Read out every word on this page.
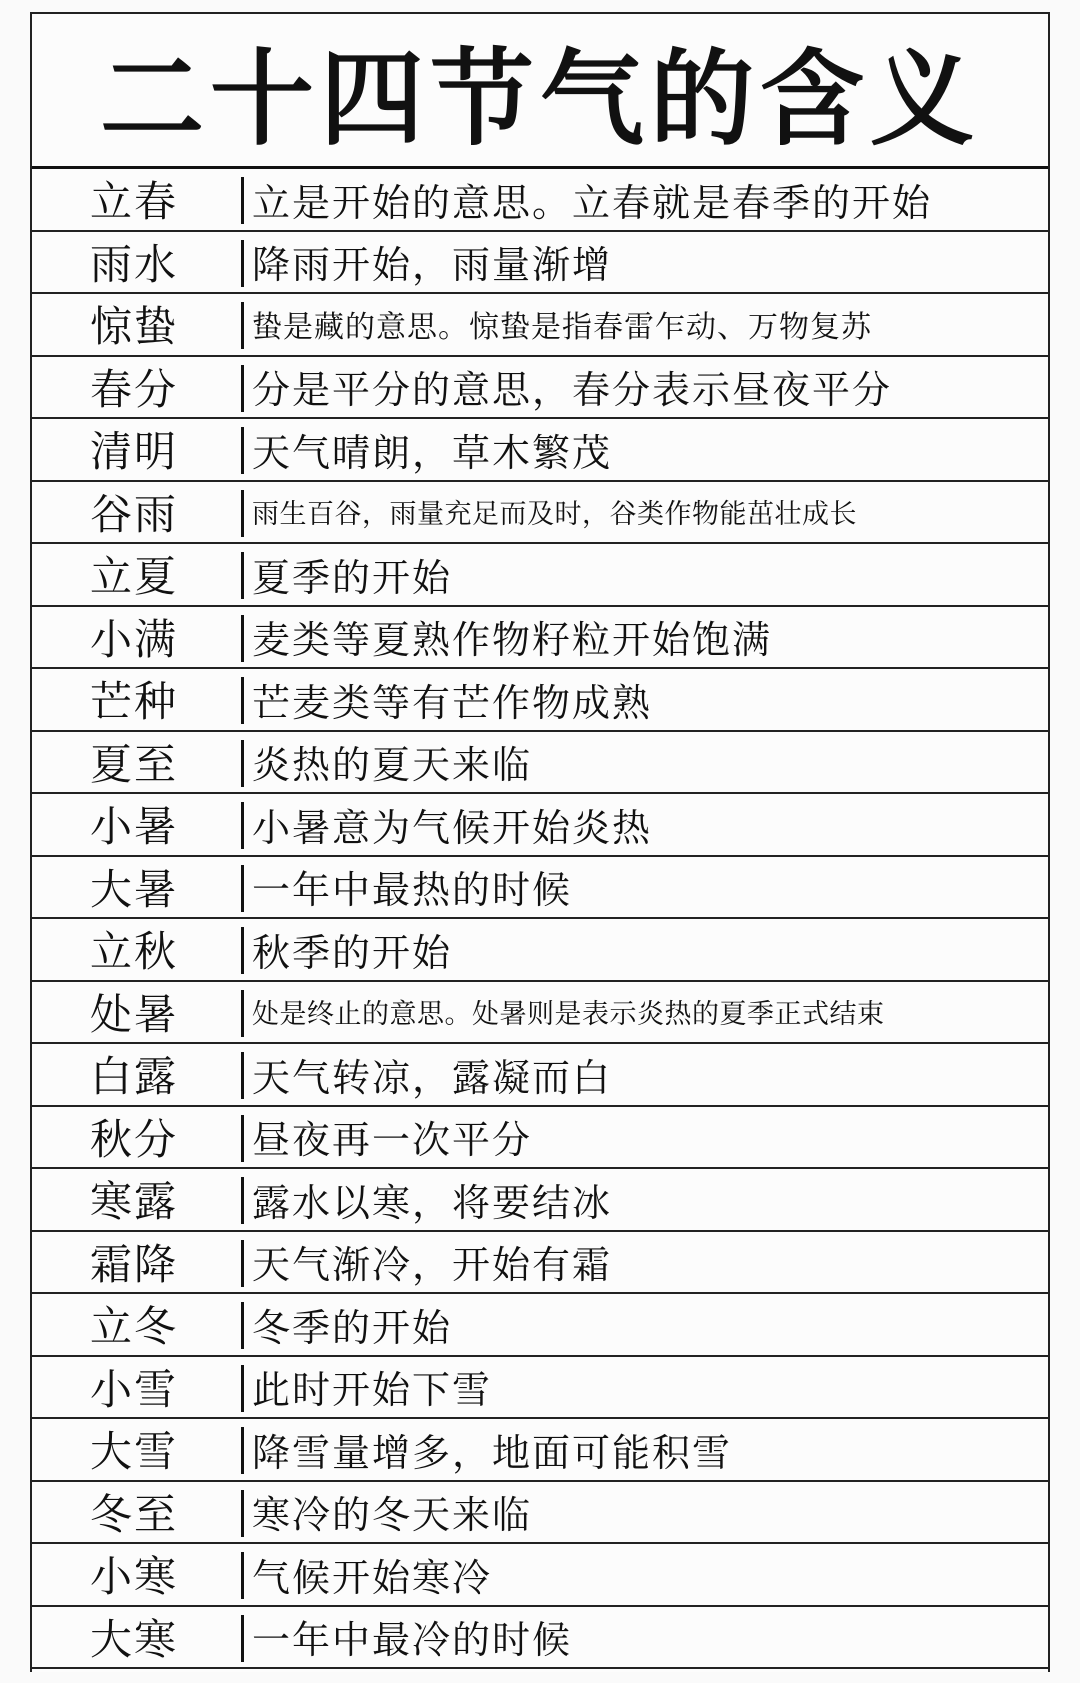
二十四节气的含义
立春 立是开始的意思。立春就是春季的开始
雨水 降雨开始，雨量渐增
惊蛰 蛰是藏的意思。惊蛰是指春雷乍动、万物复苏
春分 分是平分的意思，春分表示昼夜平分
清明 天气晴朗，草木繁茂
谷雨	雨生百谷，雨量充足而及时，谷类作物能茁壮成长
立夏 夏季的开始
小满 麦类等夏熟作物籽粒开始饱满
芒种 芒麦类等有芒作物成熟
夏至 炎热的夏天来临
小暑 小暑意为气候开始炎热
大暑 一年中最热的时候
立秋 秋季的开始
处暑	处是终止的意思。处暑则是表示炎热的夏季正式结束
白露 天气转凉，露凝而白
秋分 昼夜再一次平分
寒露 露水以寒，将要结冰
霜降 天气渐冷，开始有霜
立冬 冬季的开始
小雪 此时开始下雪
大雪 降雪量增多，地面可能积雪
冬至 寒冷的冬天来临
小寒 气候开始寒冷
大寒 一年中最冷的时候
